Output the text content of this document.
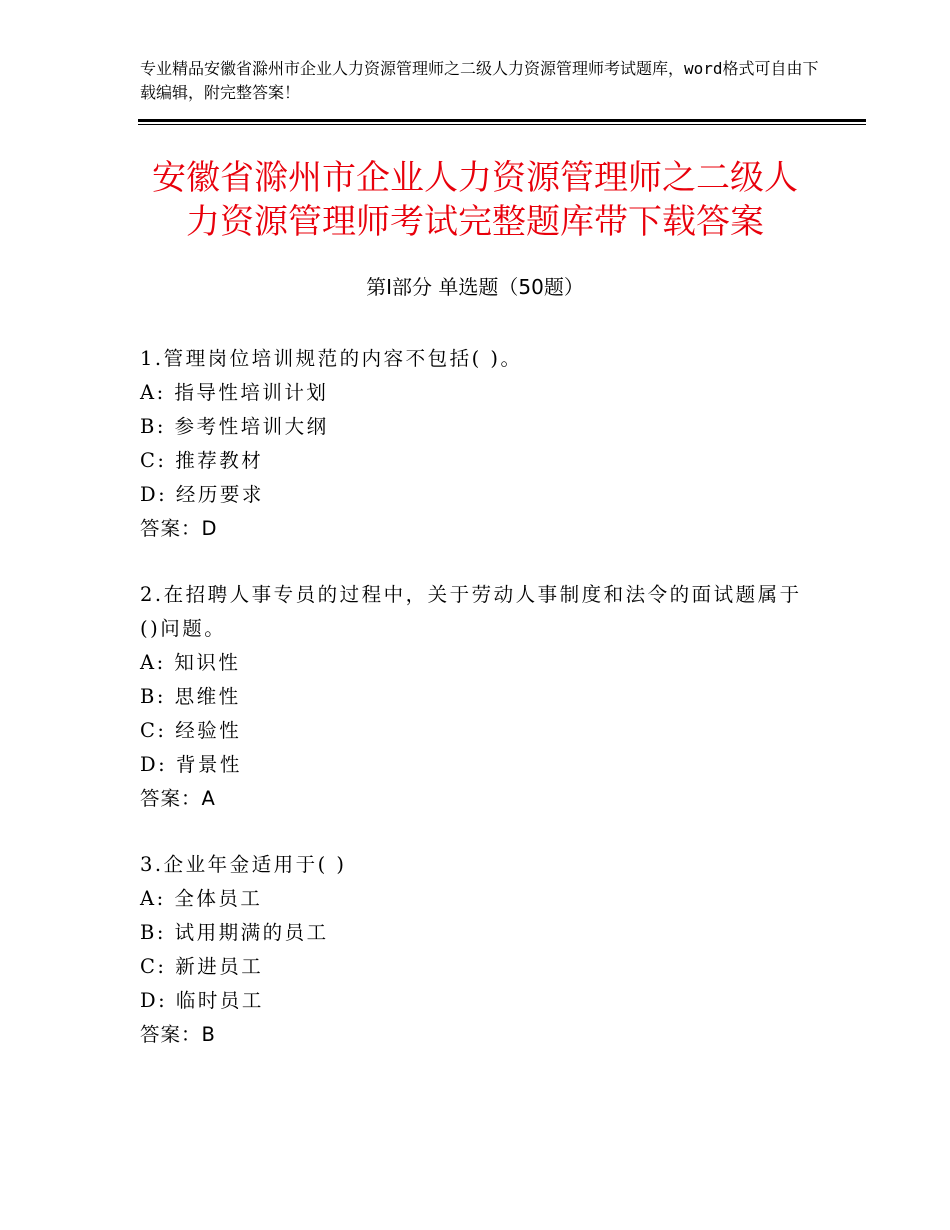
专业精品安徽省滁州市企业人力资源管理师之二级人力资源管理师考试题库，word格式可自由下载编辑，附完整答案！
安徽省滁州市企业人力资源管理师之二级人
力资源管理师考试完整题库带下载答案
第Ⅰ部分 单选题（50题）
1.管理岗位培训规范的内容不包括( )。
A: 指导性培训计划
B: 参考性培训大纲
C: 推荐教材
D: 经历要求
答案：D
2.在招聘人事专员的过程中，关于劳动人事制度和法令的面试题属于
()问题。
A: 知识性
B: 思维性
C: 经验性
D: 背景性
答案：A
3.企业年金适用于( )
A: 全体员工
B: 试用期满的员工
C: 新进员工
D: 临时员工
答案：B
